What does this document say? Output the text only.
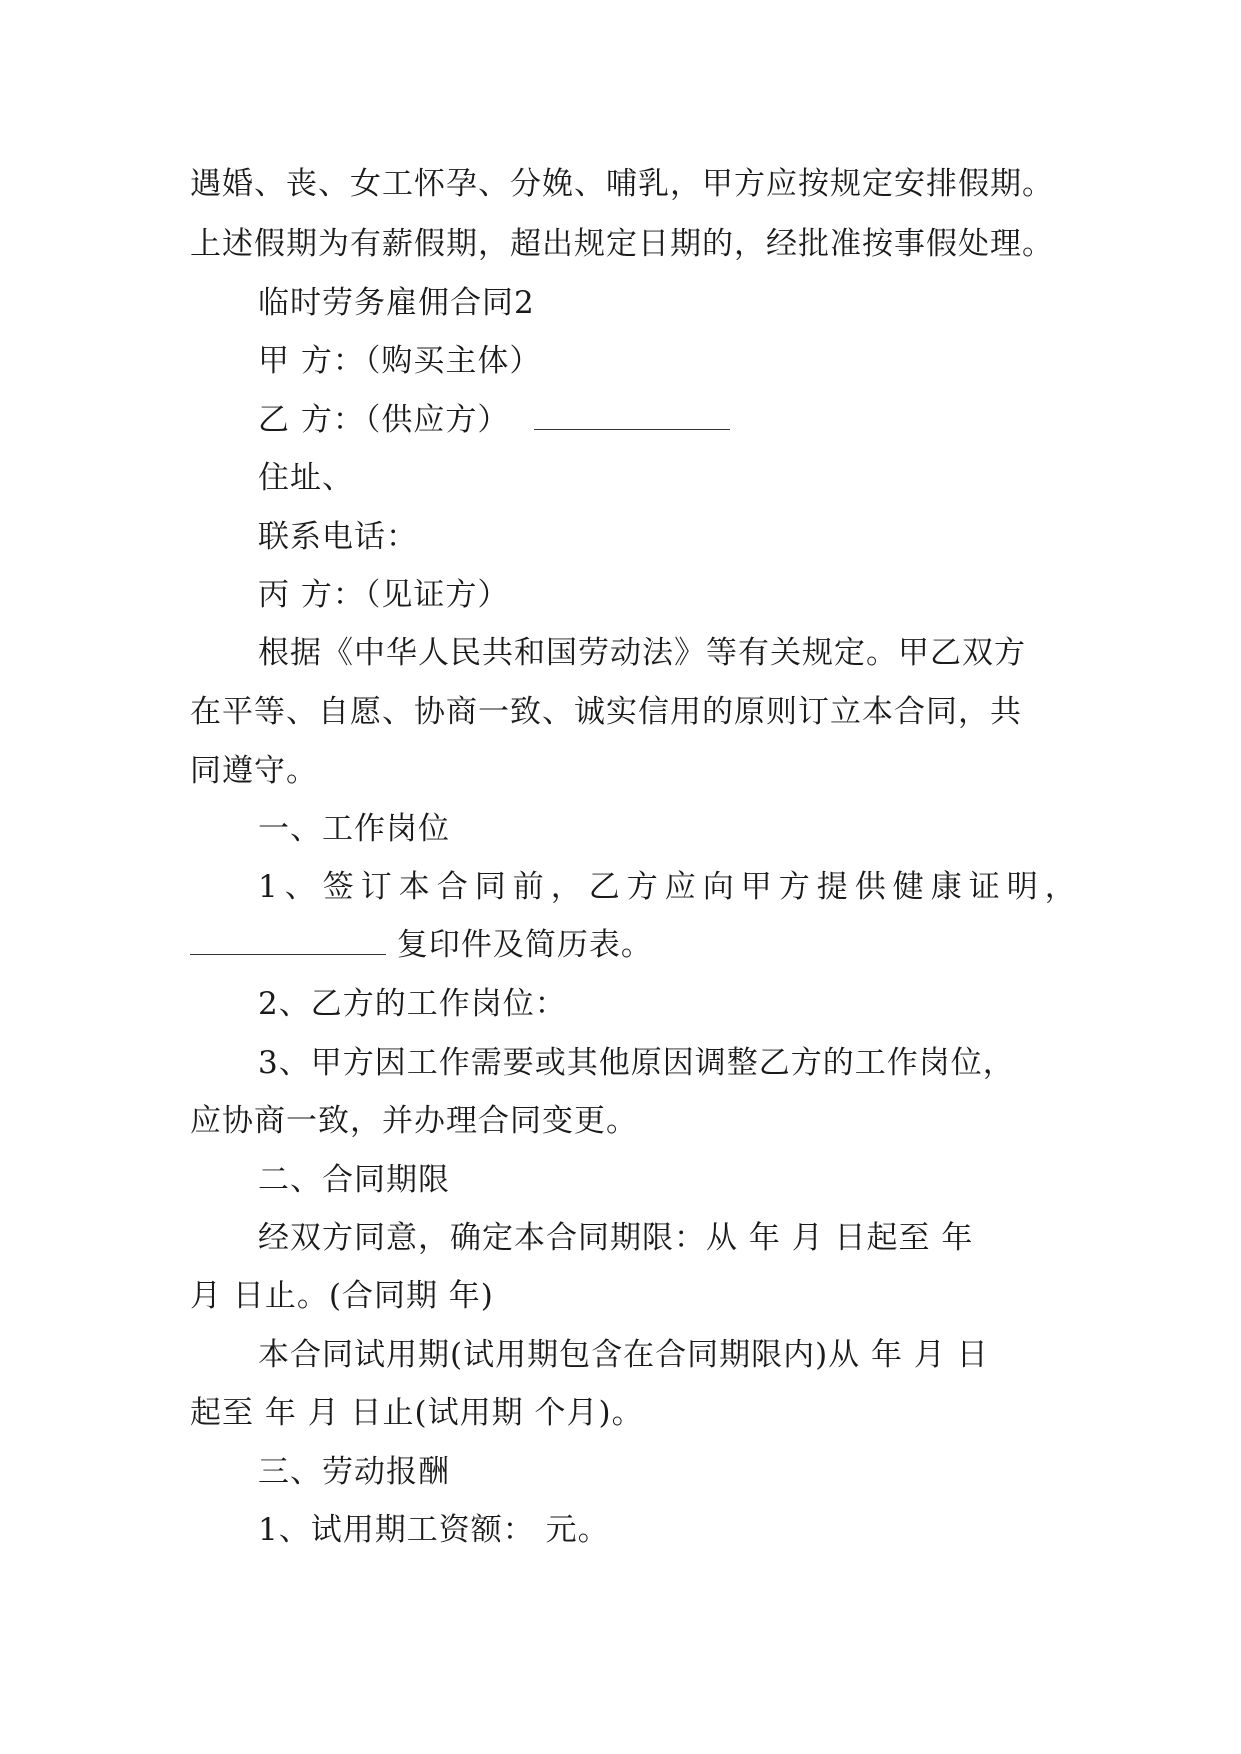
遇婚、丧、女工怀孕、分娩、哺乳，甲方应按规定安排假期。
上述假期为有薪假期，超出规定日期的，经批准按事假处理。
临时劳务雇佣合同2
甲 方：（购买主体）
乙 方：（供应方）
住址、
联系电话：
丙 方：（见证方）
根据《中华人民共和国劳动法》等有关规定。甲乙双方
在平等、自愿、协商一致、诚实信用的原则订立本合同，共
同遵守。
一、工作岗位
1、签订本合同前，乙方应向甲方提供健康证明，
复印件及简历表。
2、乙方的工作岗位：
3、甲方因工作需要或其他原因调整乙方的工作岗位，
应协商一致，并办理合同变更。
二、合同期限
经双方同意，确定本合同期限：从 年 月 日起至 年
月 日止。(合同期 年)
本合同试用期(试用期包含在合同期限内)从 年 月 日
起至 年 月 日止(试用期 个月)。
三、劳动报酬
1、试用期工资额： 元。
